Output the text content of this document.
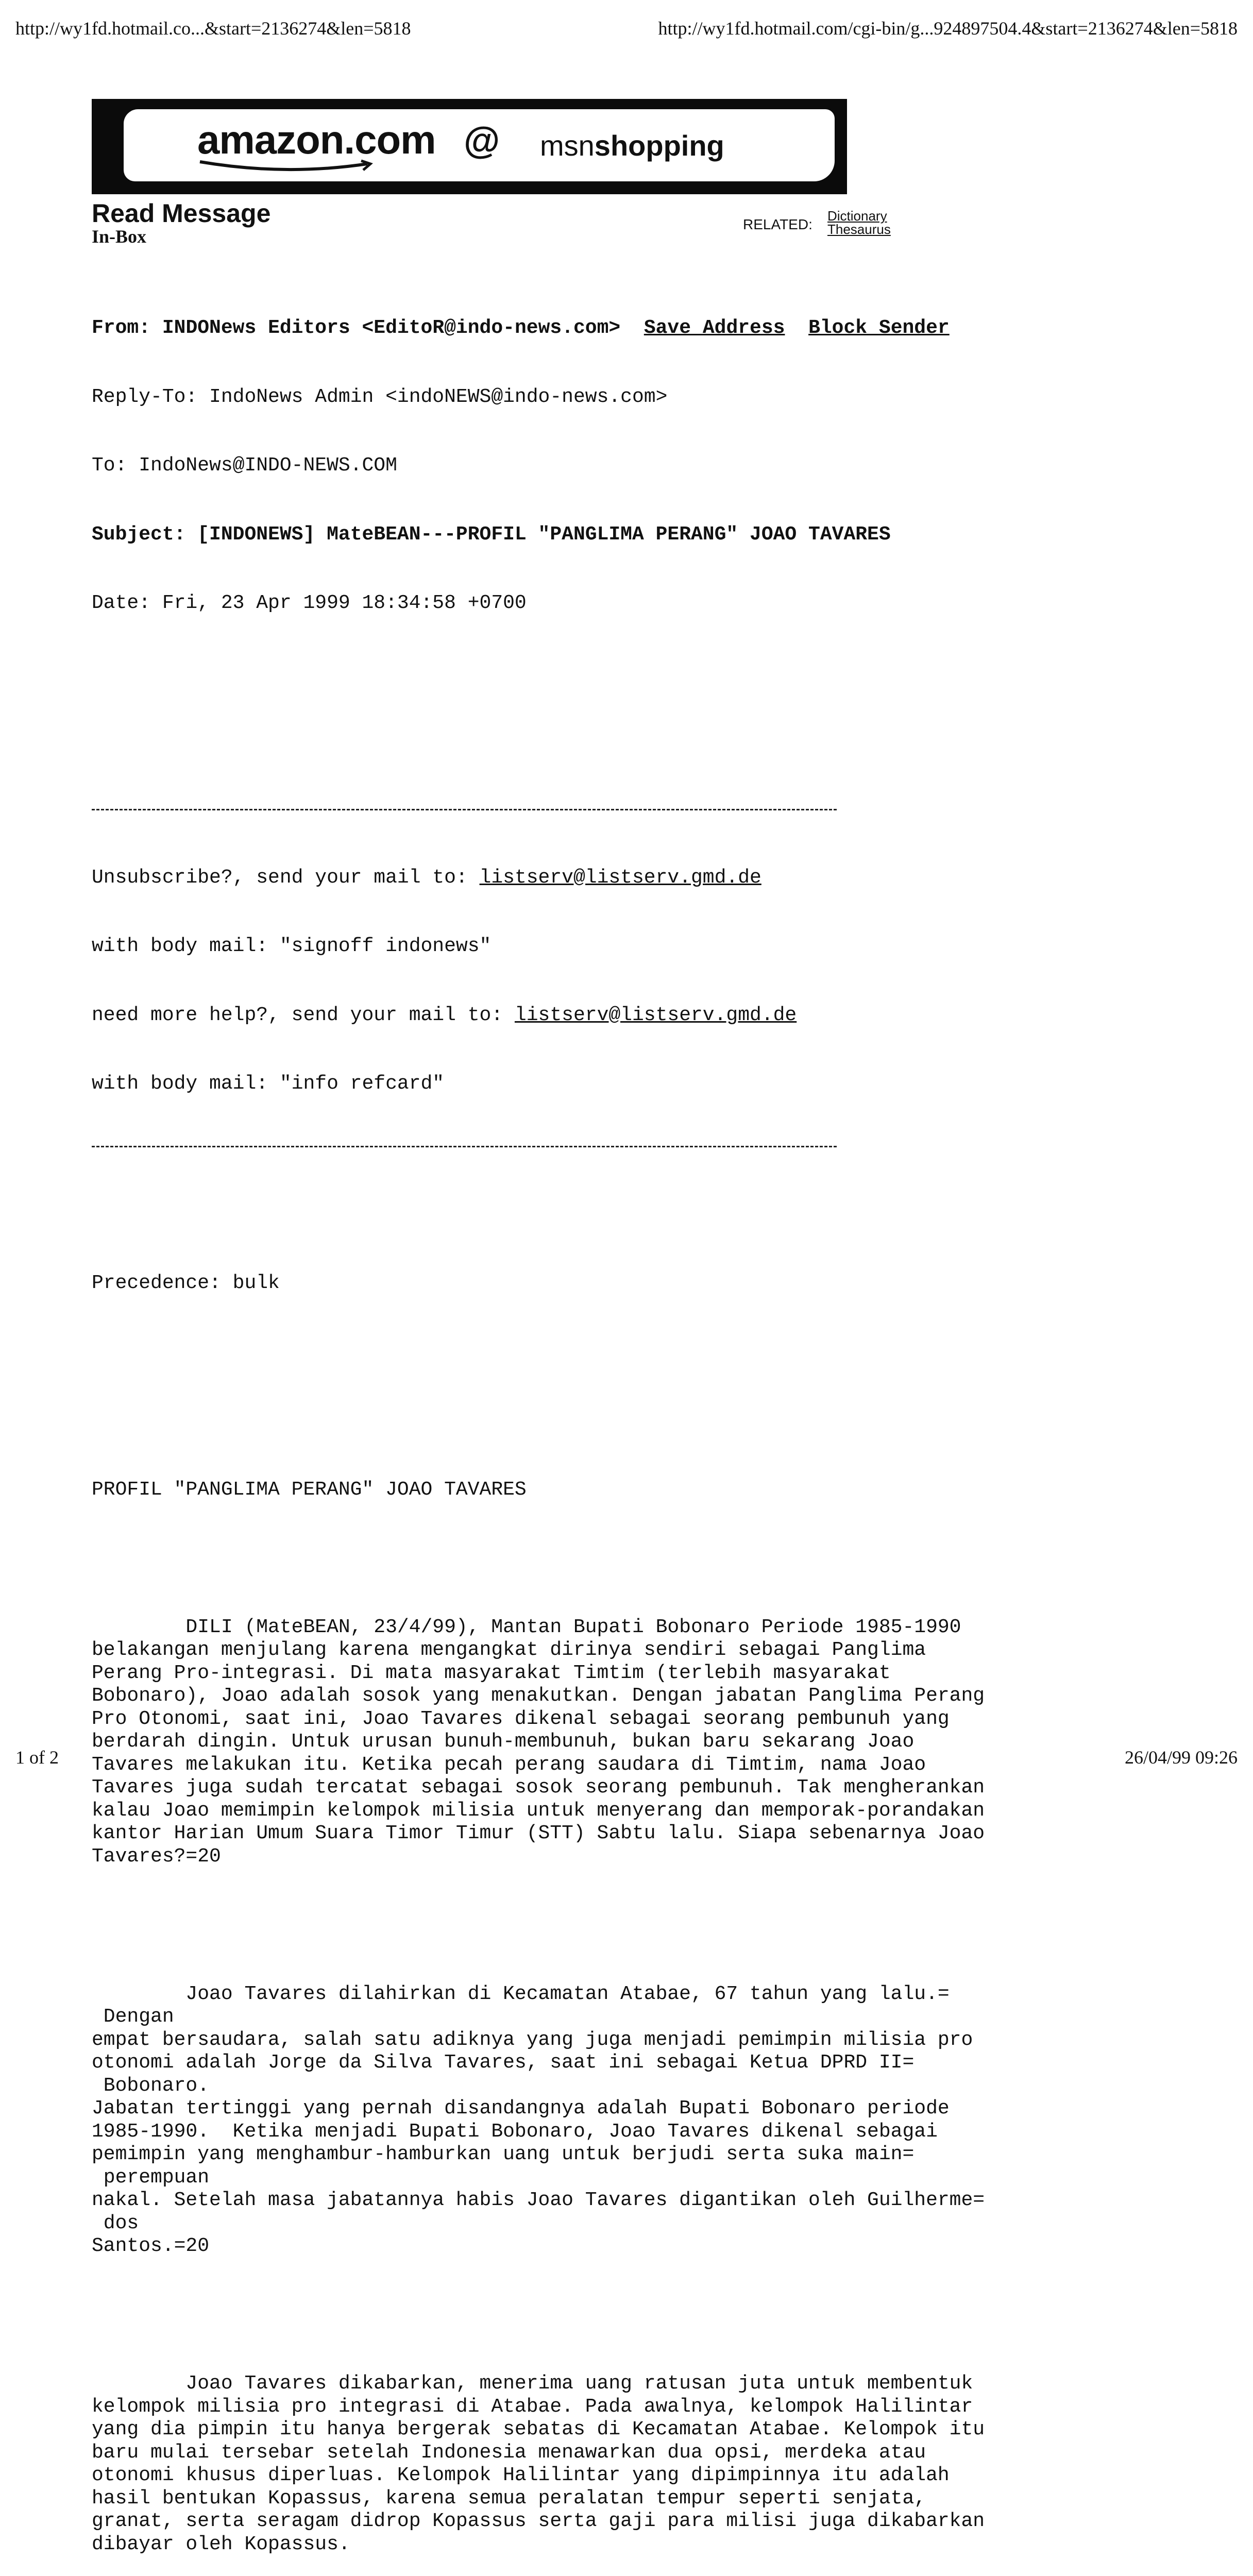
http://wy1fd.hotmail.co...&start=2136274&len=5818	http://wy1fd.hotmail.com/cgi-bin/g...924897504.4&start=2136274&len=5818
amazon.com @ msnshopping
Read Message
In-Box
RELATED:
Dictionary
Thesaurus

From: INDONews Editors <EditoR@indo-news.com> Save Address Block Sender

Reply-To: IndoNews Admin <indoNEWS@indo-news.com>

To: IndoNews@INDO-NEWS.COM

Subject: [INDONEWS] MateBEAN---PROFIL "PANGLIMA PERANG" JOAO TAVARES

Date: Fri, 23 Apr 1999 18:34:58 +0700

Unsubscribe?, send your mail to: listserv@listserv.gmd.de

with body mail: "signoff indonews"

need more help?, send your mail to: listserv@listserv.gmd.de

with body mail: "info refcard"

Precedence: bulk

PROFIL "PANGLIMA PERANG" JOAO TAVARES

DILI (MateBEAN, 23/4/99), Mantan Bupati Bobonaro Periode 1985-1990
belakangan menjulang karena mengangkat dirinya sendiri sebagai Panglima
Perang Pro-integrasi. Di mata masyarakat Timtim (terlebih masyarakat
Bobonaro), Joao adalah sosok yang menakutkan. Dengan jabatan Panglima Perang
Pro Otonomi, saat ini, Joao Tavares dikenal sebagai seorang pembunuh yang
berdarah dingin. Untuk urusan bunuh-membunuh, bukan baru sekarang Joao
Tavares melakukan itu. Ketika pecah perang saudara di Timtim, nama Joao
Tavares juga sudah tercatat sebagai sosok seorang pembunuh. Tak mengherankan
kalau Joao memimpin kelompok milisia untuk menyerang dan memporak-porandakan
kantor Harian Umum Suara Timor Timur (STT) Sabtu lalu. Siapa sebenarnya Joao
Tavares?=20

Joao Tavares dilahirkan di Kecamatan Atabae, 67 tahun yang lalu.=
Dengan
empat bersaudara, salah satu adiknya yang juga menjadi pemimpin milisia pro
otonomi adalah Jorge da Silva Tavares, saat ini sebagai Ketua DPRD II=
Bobonaro.
Jabatan tertinggi yang pernah disandangnya adalah Bupati Bobonaro periode
1985-1990.  Ketika menjadi Bupati Bobonaro, Joao Tavares dikenal sebagai
pemimpin yang menghambur-hamburkan uang untuk berjudi serta suka main=
perempuan
nakal. Setelah masa jabatannya habis Joao Tavares digantikan oleh Guilherme=
dos
Santos.=20

Joao Tavares dikabarkan, menerima uang ratusan juta untuk membentuk
kelompok milisia pro integrasi di Atabae. Pada awalnya, kelompok Halilintar
yang dia pimpin itu hanya bergerak sebatas di Kecamatan Atabae. Kelompok itu
baru mulai tersebar setelah Indonesia menawarkan dua opsi, merdeka atau
otonomi khusus diperluas. Kelompok Halilintar yang dipimpinnya itu adalah
hasil bentukan Kopassus, karena semua peralatan tempur seperti senjata,
granat, serta seragam didrop Kopassus serta gaji para milisi juga dikabarkan
dibayar oleh Kopassus.

1 of 2	26/04/99 09:26
